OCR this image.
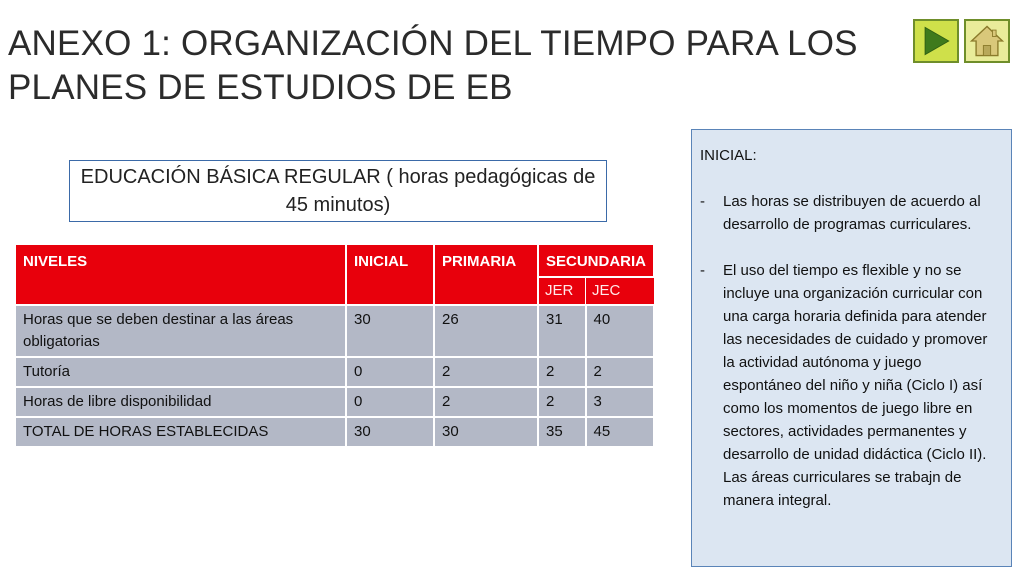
ANEXO 1: ORGANIZACIÓN DEL TIEMPO PARA LOS PLANES DE ESTUDIOS DE EB
EDUCACIÓN BÁSICA REGULAR ( horas pedagógicas de 45 minutos)
NIVELES	INICIAL	PRIMARIA	SECUNDARIA	
			JER	JEC
Horas que se deben destinar a las áreas obligatorias	30	26	31	40
Tutoría	0	2	2	2
Horas de libre disponibilidad	0	2	2	3
TOTAL DE HORAS ESTABLECIDAS	30	30	35	45
INICIAL:
-	Las horas se distribuyen de acuerdo al desarrollo de programas curriculares.
-	El uso del tiempo es flexible y no se incluye una organización curricular con una carga horaria definida para atender las necesidades de cuidado y promover la actividad autónoma y juego espontáneo del niño y niña (Ciclo I) así como los momentos de juego libre en sectores, actividades permanentes y desarrollo de unidad didáctica (Ciclo II). Las áreas curriculares se trabajn de manera integral.
